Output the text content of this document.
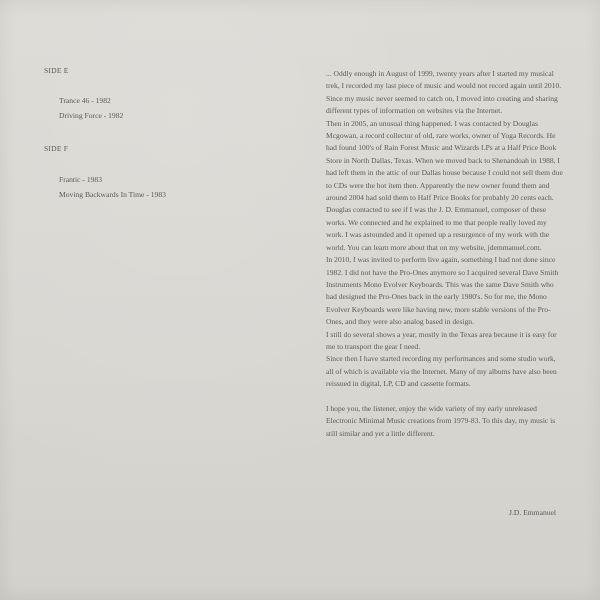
SIDE E

Trance 46 - 1982
Driving Force - 1982

SIDE F

Frantic - 1983
Moving Backwards In Time - 1983

... Oddly enough in August of 1999, twenty years after I started my musical trek, I recorded my last piece of music and would not record again until 2010.

Since my music never seemed to catch on, I moved into creating and sharing different types of information on websites via the Internet.

Then in 2005, an unusual thing happened. I was contacted by Douglas Mcgowan, a record collector of old, rare works, owner of Yoga Records. He had found 100's of Rain Forest Music and Wizards LPs at a Half Price Book Store in North Dallas, Texas. When we moved back to Shenandoah in 1988, I had left them in the attic of our Dallas house because I could not sell them due to CDs were the hot item then. Apparently the new owner found them and around 2004 had sold them to Half Price Books for probably 20 cents each.

Douglas contacted to see if I was the J. D. Emmanuel, composer of these works. We connected and he explained to me that people really loved my work. I was astounded and it opened up a resurgence of my work with the world. You can learn more about that on my website, jdemmanuel.com.

In 2010, I was invited to perform live again, something I had not done since 1982. I did not have the Pro-Ones anymore so I acquired several Dave Smith Instruments Mono Evolver Keyboards. This was the same Dave Smith who had designed the Pro-Ones back in the early 1980's. So for me, the Mono Evolver Keyboards were like having new, more stable versions of the Pro-Ones, and they were also analog based in design.

I still do several shows a year, mostly in the Texas area because it is easy for me to transport the gear I need.

Since then I have started recording my performances and some studio work, all of which is available via the Internet. Many of my albums have also been reissued in digital, LP, CD and cassette formats.

I hope you, the listener, enjoy the wide variety of my early unreleased Electronic Minimal Music creations from 1979-83. To this day, my music is still similar and yet a little different.

J.D. Emmanuel
